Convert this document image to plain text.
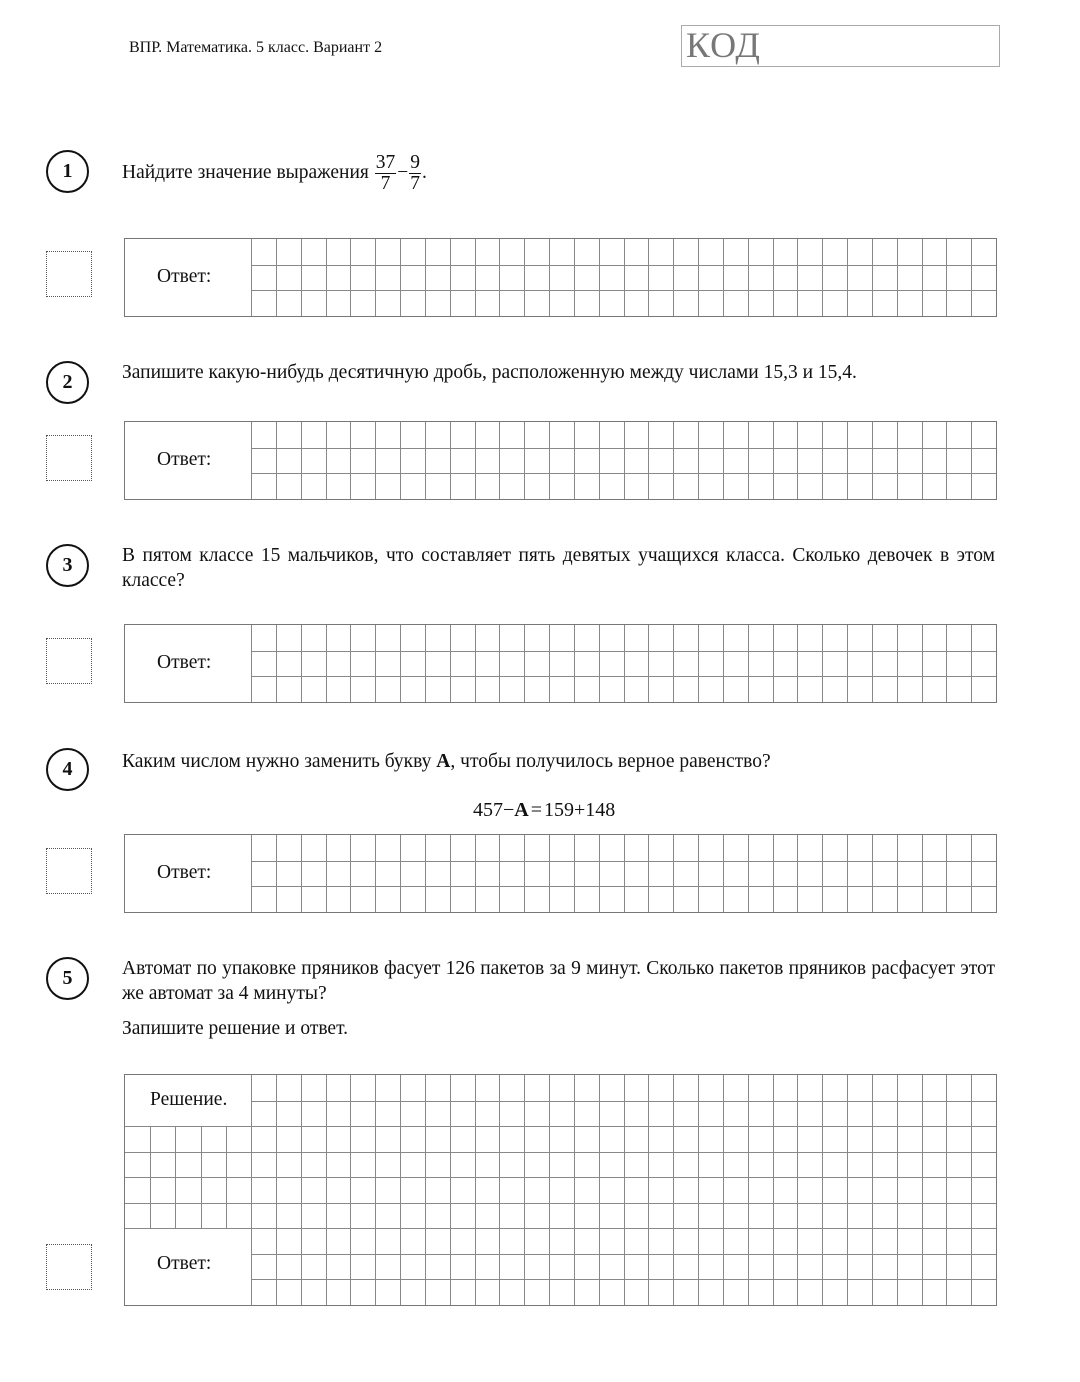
ВПР. Математика. 5 класс. Вариант 2	КОД
1	Найдите значение выражения $\frac{37}{7} - \frac{9}{7}$ .
Ответ:
2	Запишите какую-нибудь десятичную дробь, расположенную между числами 15,3 и 15,4.
Ответ:
3	В пятом классе 15 мальчиков, что составляет пять девятых учащихся класса. Сколько девочек в этом классе?
Ответ:
4	Каким числом нужно заменить букву A, чтобы получилось верное равенство?
457−A = 159+148
Ответ:
5	Автомат по упаковке пряников фасует 126 пакетов за 9 минут. Сколько пакетов пряников расфасует этот же автомат за 4 минуты?
Запишите решение и ответ.
Решение.
Ответ:
